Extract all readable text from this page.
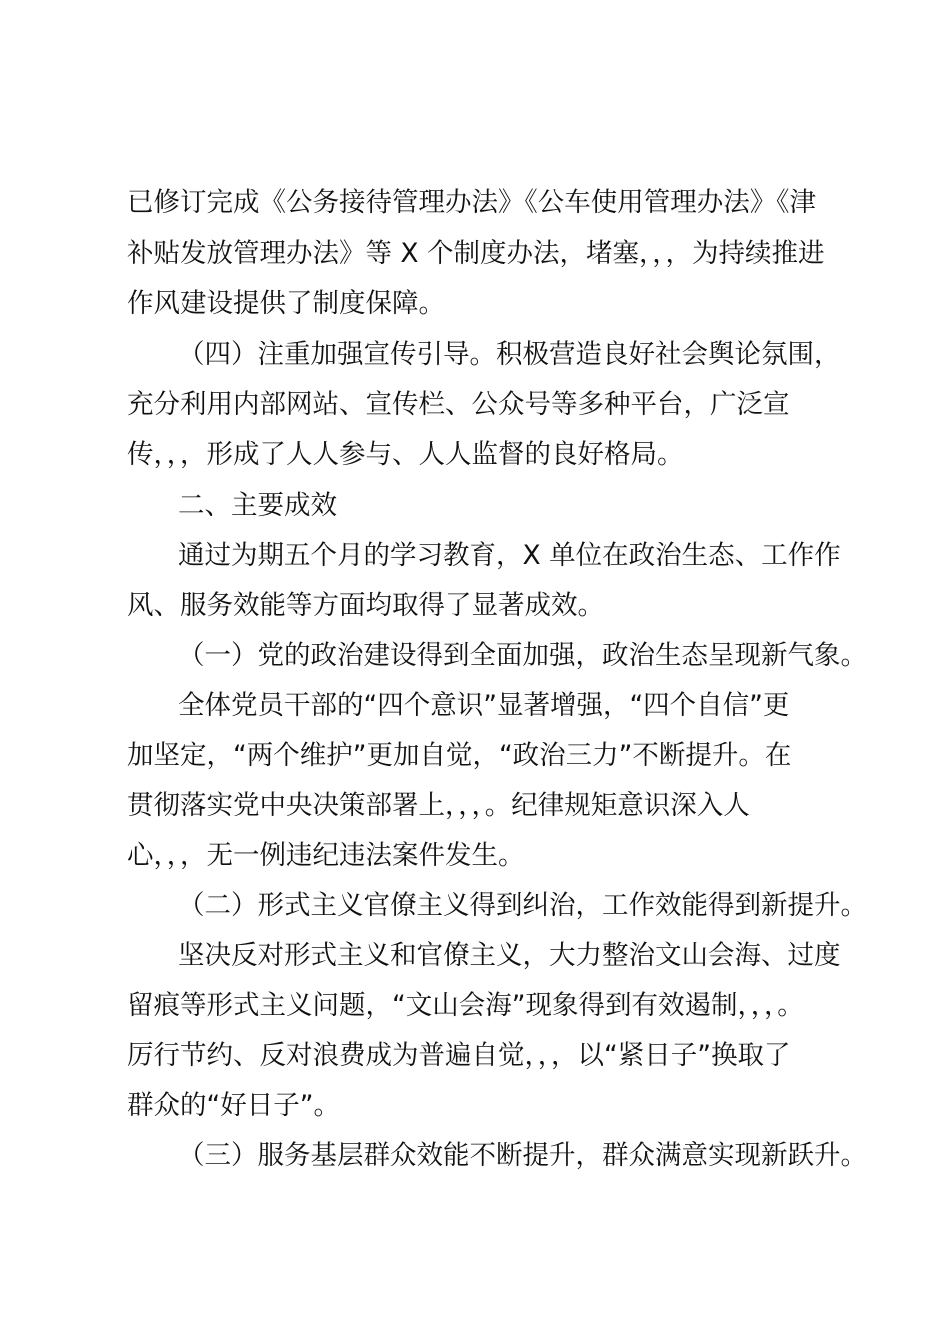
已修订完成《公务接待管理办法》《公车使用管理办法》《津
补贴发放管理办法》等 X 个制度办法，堵塞，，，为持续推进
作风建设提供了制度保障。
（四）注重加强宣传引导。积极营造良好社会舆论氛围，
充分利用内部网站、宣传栏、公众号等多种平台，广泛宣
传，，，形成了人人参与、人人监督的良好格局。
二、主要成效
通过为期五个月的学习教育，X 单位在政治生态、工作作
风、服务效能等方面均取得了显著成效。
（一）党的政治建设得到全面加强，政治生态呈现新气象。
全体党员干部的“四个意识”显著增强，“四个自信”更
加坚定，“两个维护”更加自觉，“政治三力”不断提升。在
贯彻落实党中央决策部署上，，，。纪律规矩意识深入人
心，，，无一例违纪违法案件发生。
（二）形式主义官僚主义得到纠治，工作效能得到新提升。
坚决反对形式主义和官僚主义，大力整治文山会海、过度
留痕等形式主义问题，“文山会海”现象得到有效遏制，，，。
厉行节约、反对浪费成为普遍自觉，，，以“紧日子”换取了
群众的“好日子”。
（三）服务基层群众效能不断提升，群众满意实现新跃升。
